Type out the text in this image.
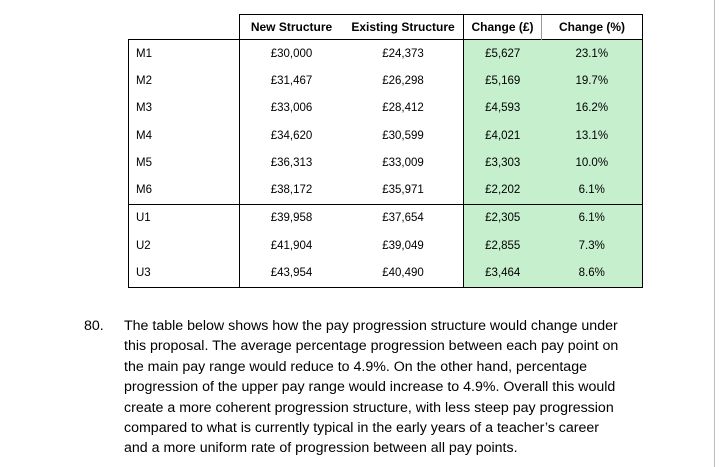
	New Structure	Existing Structure	Change (£)	Change (%)
M1	£30,000	£24,373	£5,627	23.1%
M2	£31,467	£26,298	£5,169	19.7%
M3	£33,006	£28,412	£4,593	16.2%
M4	£34,620	£30,599	£4,021	13.1%
M5	£36,313	£33,009	£3,303	10.0%
M6	£38,172	£35,971	£2,202	6.1%
U1	£39,958	£37,654	£2,305	6.1%
U2	£41,904	£39,049	£2,855	7.3%
U3	£43,954	£40,490	£3,464	8.6%
80. The table below shows how the pay progression structure would change under
this proposal. The average percentage progression between each pay point on
the main pay range would reduce to 4.9%. On the other hand, percentage
progression of the upper pay range would increase to 4.9%. Overall this would
create a more coherent progression structure, with less steep pay progression
compared to what is currently typical in the early years of a teacher’s career
and a more uniform rate of progression between all pay points.
